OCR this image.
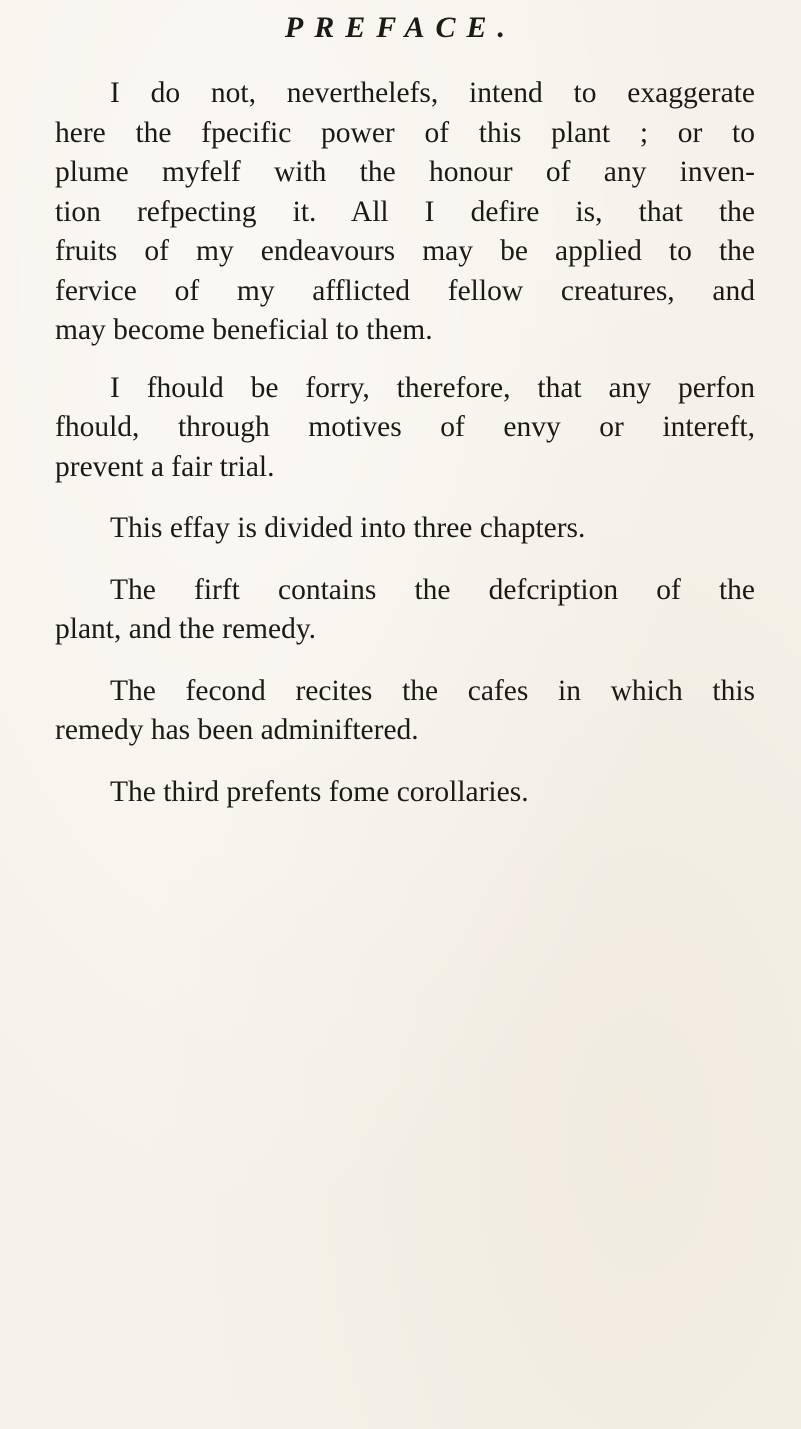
PREFACE.

I do not, neverthelefs, intend to exaggerate
here the fpecific power of this plant ; or to
plume myfelf with the honour of any inven-
tion refpecting it. All I defire is, that the
fruits of my endeavours may be applied to the
fervice of my afflicted fellow creatures, and
may become beneficial to them.

I fhould be forry, therefore, that any perfon
fhould, through motives of envy or intereft,
prevent a fair trial.

This effay is divided into three chapters.

The firft contains the defcription of the
plant, and the remedy.

The fecond recites the cafes in which this
remedy has been adminiftered.

The third prefents fome corollaries.
